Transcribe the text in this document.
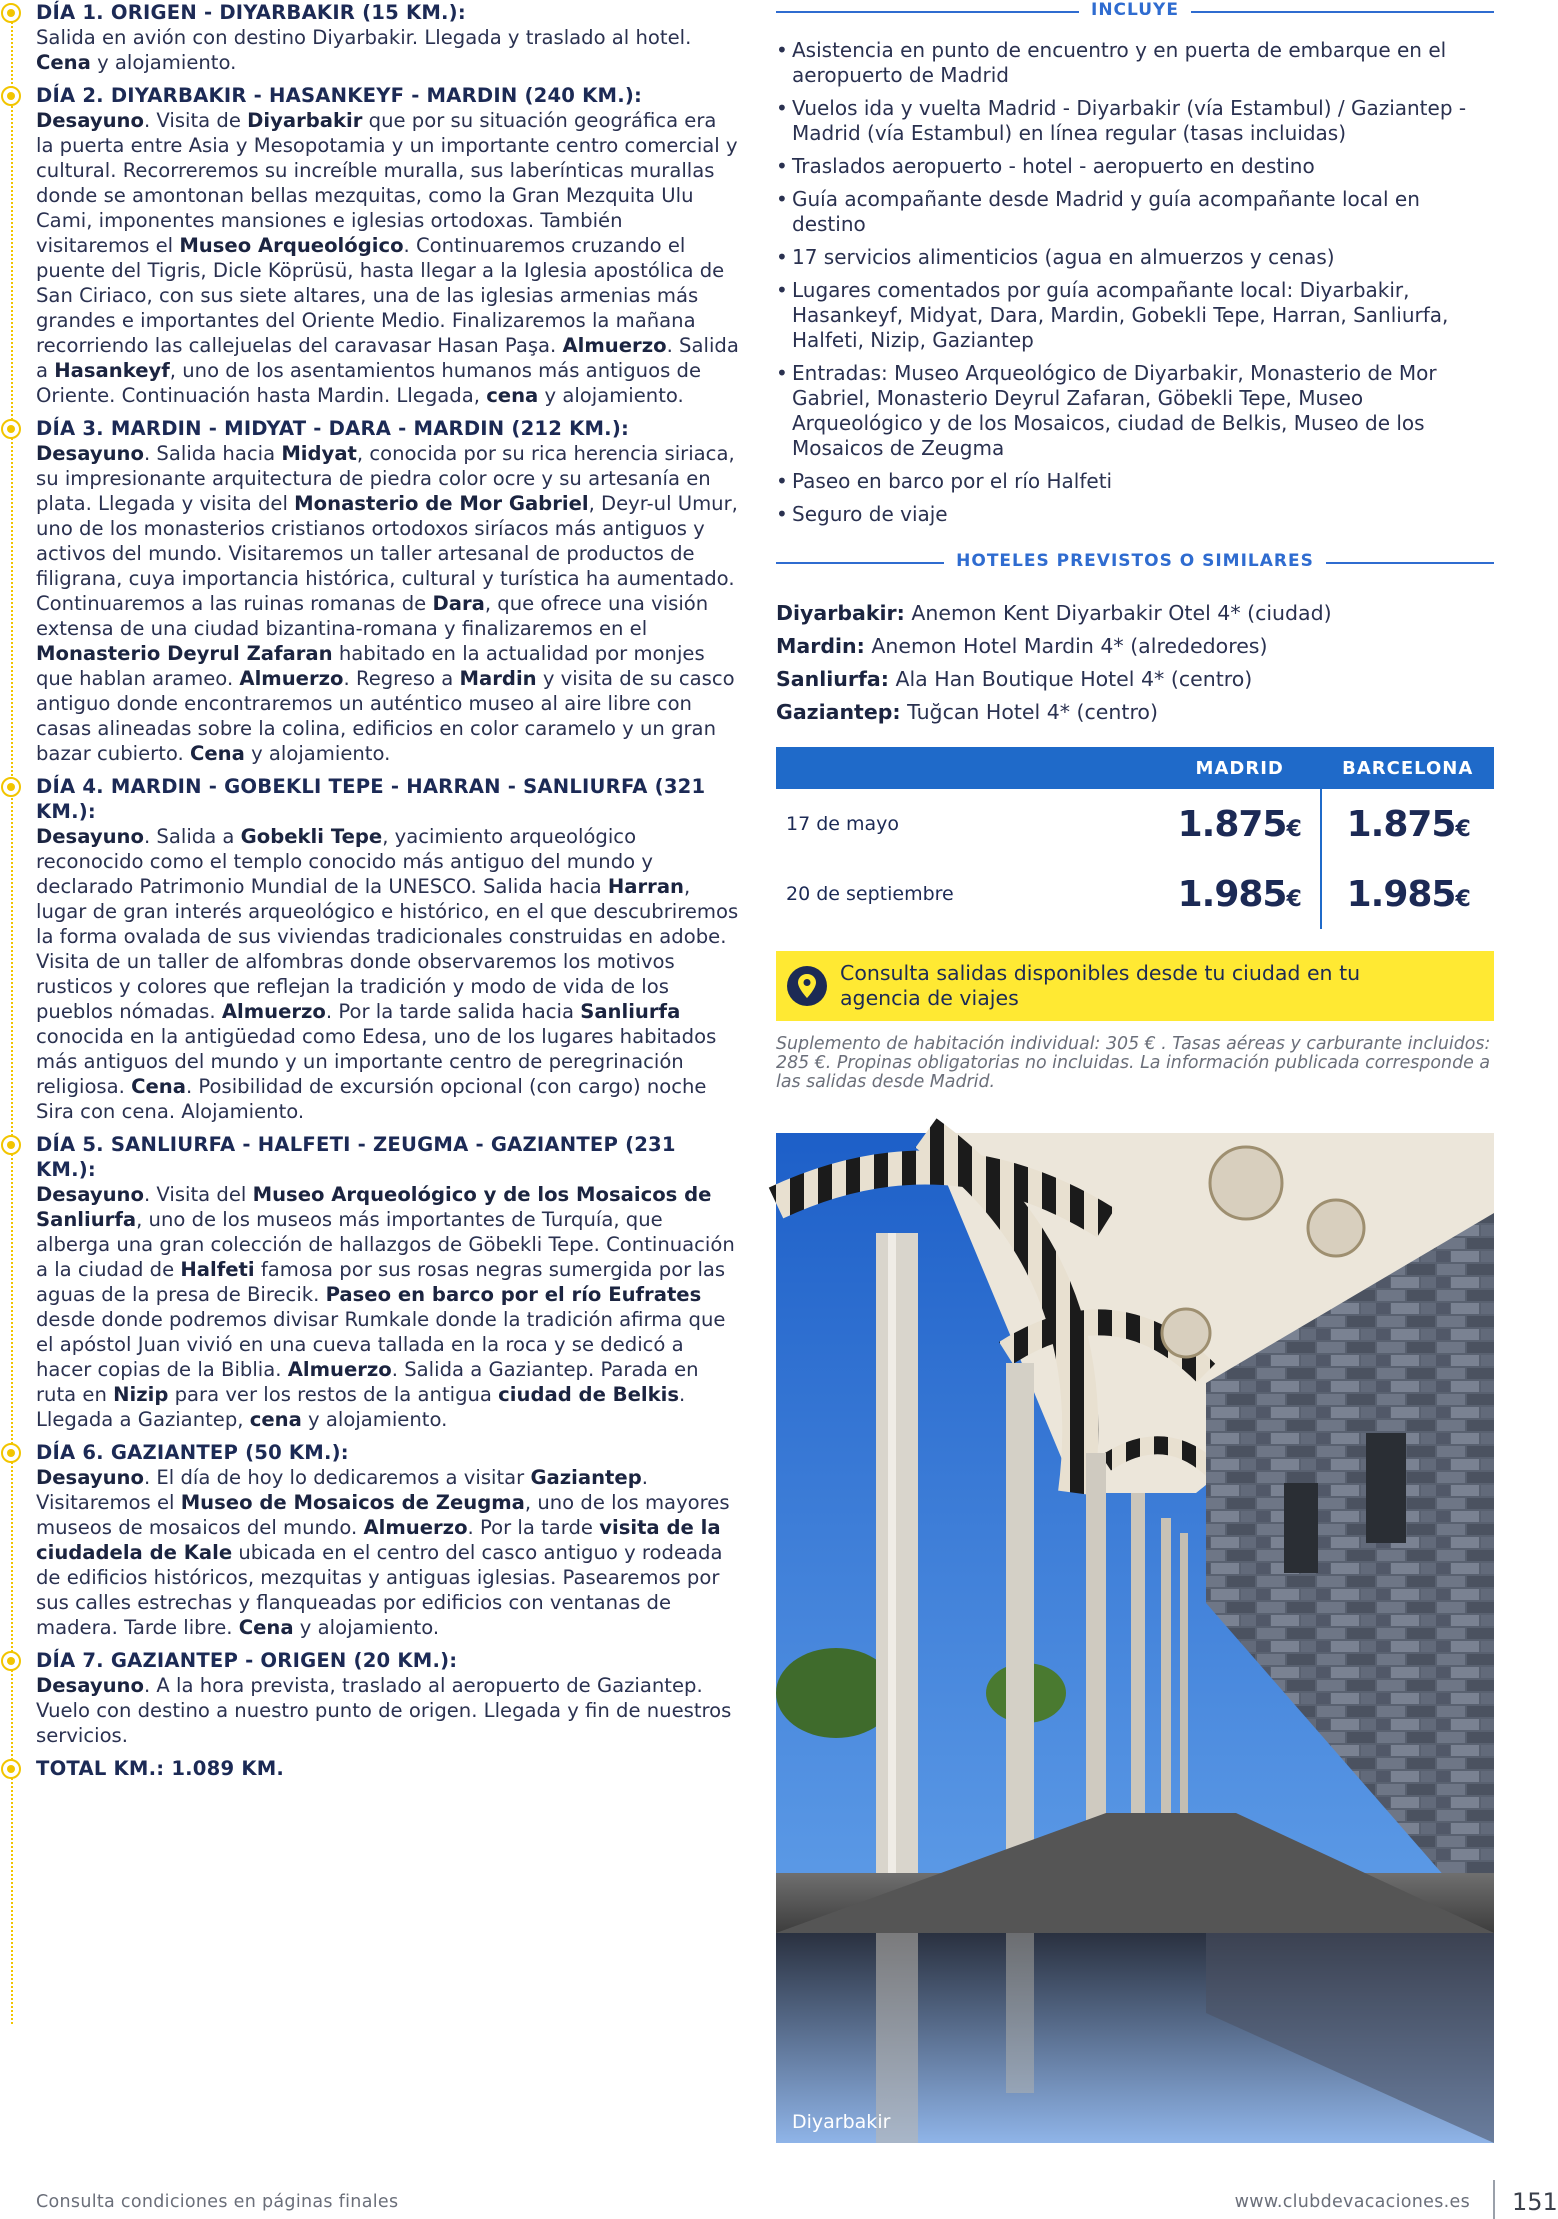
DÍA 1. ORIGEN - DIYARBAKIR (15 KM.):

Salida en avión con destino Diyarbakir. Llegada y traslado al hotel. Cena y alojamiento.

DÍA 2. DIYARBAKIR - HASANKEYF - MARDIN (240 KM.):

Desayuno. Visita de Diyarbakir que por su situación geográfica era la puerta entre Asia y Mesopotamia y un importante centro comercial y cultural. Recorreremos su increíble muralla, sus laberínticas murallas donde se amontonan bellas mezquitas, como la Gran Mezquita Ulu Cami, imponentes mansiones e iglesias ortodoxas. También visitaremos el Museo Arqueológico. Continuaremos cruzando el puente del Tigris, Dicle Köprüsü, hasta llegar a la Iglesia apostólica de San Ciriaco, con sus siete altares, una de las iglesias armenias más grandes e importantes del Oriente Medio. Finalizaremos la mañana recorriendo las callejuelas del caravasar Hasan Paşa. Almuerzo. Salida a Hasankeyf, uno de los asentamientos humanos más antiguos de Oriente. Continuación hasta Mardin. Llegada, cena y alojamiento.

DÍA 3. MARDIN - MIDYAT - DARA - MARDIN (212 KM.):

Desayuno. Salida hacia Midyat, conocida por su rica herencia siriaca, su impresionante arquitectura de piedra color ocre y su artesanía en plata. Llegada y visita del Monasterio de Mor Gabriel, Deyr-ul Umur, uno de los monasterios cristianos ortodoxos siríacos más antiguos y activos del mundo. Visitaremos un taller artesanal de productos de filigrana, cuya importancia histórica, cultural y turística ha aumentado. Continuaremos a las ruinas romanas de Dara, que ofrece una visión extensa de una ciudad bizantina-romana y finalizaremos en el Monasterio Deyrul Zafaran habitado en la actualidad por monjes que hablan arameo. Almuerzo. Regreso a Mardin y visita de su casco antiguo donde encontraremos un auténtico museo al aire libre con casas alineadas sobre la colina, edificios en color caramelo y un gran bazar cubierto. Cena y alojamiento.

DÍA 4. MARDIN - GOBEKLI TEPE - HARRAN - SANLIURFA (321 KM.):

Desayuno. Salida a Gobekli Tepe, yacimiento arqueológico reconocido como el templo conocido más antiguo del mundo y declarado Patrimonio Mundial de la UNESCO. Salida hacia Harran, lugar de gran interés arqueológico e histórico, en el que descubriremos la forma ovalada de sus viviendas tradicionales construidas en adobe. Visita de un taller de alfombras donde observaremos los motivos rusticos y colores que reflejan la tradición y modo de vida de los pueblos nómadas. Almuerzo. Por la tarde salida hacia Sanliurfa conocida en la antigüedad como Edesa, uno de los lugares habitados más antiguos del mundo y un importante centro de peregrinación religiosa. Cena. Posibilidad de excursión opcional (con cargo) noche Sira con cena. Alojamiento.

DÍA 5. SANLIURFA - HALFETI - ZEUGMA - GAZIANTEP (231 KM.):

Desayuno. Visita del Museo Arqueológico y de los Mosaicos de Sanliurfa, uno de los museos más importantes de Turquía, que alberga una gran colección de hallazgos de Göbekli Tepe. Continuación a la ciudad de Halfeti famosa por sus rosas negras sumergida por las aguas de la presa de Birecik. Paseo en barco por el río Eufrates desde donde podremos divisar Rumkale donde la tradición afirma que el apóstol Juan vivió en una cueva tallada en la roca y se dedicó a hacer copias de la Biblia. Almuerzo. Salida a Gaziantep. Parada en ruta en Nizip para ver los restos de la antigua ciudad de Belkis. Llegada a Gaziantep, cena y alojamiento.

DÍA 6. GAZIANTEP (50 KM.):

Desayuno. El día de hoy lo dedicaremos a visitar Gaziantep. Visitaremos el Museo de Mosaicos de Zeugma, uno de los mayores museos de mosaicos del mundo. Almuerzo. Por la tarde visita de la ciudadela de Kale ubicada en el centro del casco antiguo y rodeada de edificios históricos, mezquitas y antiguas iglesias. Pasearemos por sus calles estrechas y flanqueadas por edificios con ventanas de madera. Tarde libre. Cena y alojamiento.

DÍA 7. GAZIANTEP - ORIGEN (20 KM.):

Desayuno. A la hora prevista, traslado al aeropuerto de Gaziantep. Vuelo con destino a nuestro punto de origen. Llegada y fin de nuestros servicios.

TOTAL KM.: 1.089 KM.
INCLUYE
• Asistencia en punto de encuentro y en puerta de embarque en el aeropuerto de Madrid
• Vuelos ida y vuelta Madrid - Diyarbakir (vía Estambul) / Gaziantep - Madrid (vía Estambul) en línea regular (tasas incluidas)
• Traslados aeropuerto - hotel - aeropuerto en destino
• Guía acompañante desde Madrid y guía acompañante local en destino
• 17 servicios alimenticios (agua en almuerzos y cenas)
• Lugares comentados por guía acompañante local: Diyarbakir, Hasankeyf, Midyat, Dara, Mardin, Gobekli Tepe, Harran, Sanliurfa, Halfeti, Nizip, Gaziantep
• Entradas: Museo Arqueológico de Diyarbakir, Monasterio de Mor Gabriel, Monasterio Deyrul Zafaran, Göbekli Tepe, Museo Arqueológico y de los Mosaicos, ciudad de Belkis, Museo de los Mosaicos de Zeugma
• Paseo en barco por el río Halfeti
• Seguro de viaje
HOTELES PREVISTOS O SIMILARES
Diyarbakir: Anemon Kent Diyarbakir Otel 4* (ciudad)
Mardin: Anemon Hotel Mardin 4* (alrededores)
Sanliurfa: Ala Han Boutique Hotel 4* (centro)
Gaziantep: Tuğcan Hotel 4* (centro)
	MADRID	BARCELONA
17 de mayo	1.875€	1.875€
20 de septiembre	1.985€	1.985€
Consulta salidas disponibles desde tu ciudad en tu
agencia de viajes

Suplemento de habitación individual: 305 € . Tasas aéreas y carburante incluidos: 285 €. Propinas obligatorias no incluidas. La información publicada corresponde a las salidas desde Madrid.

Diyarbakir
Consulta condiciones en páginas finales	www.clubdevacaciones.es 151
